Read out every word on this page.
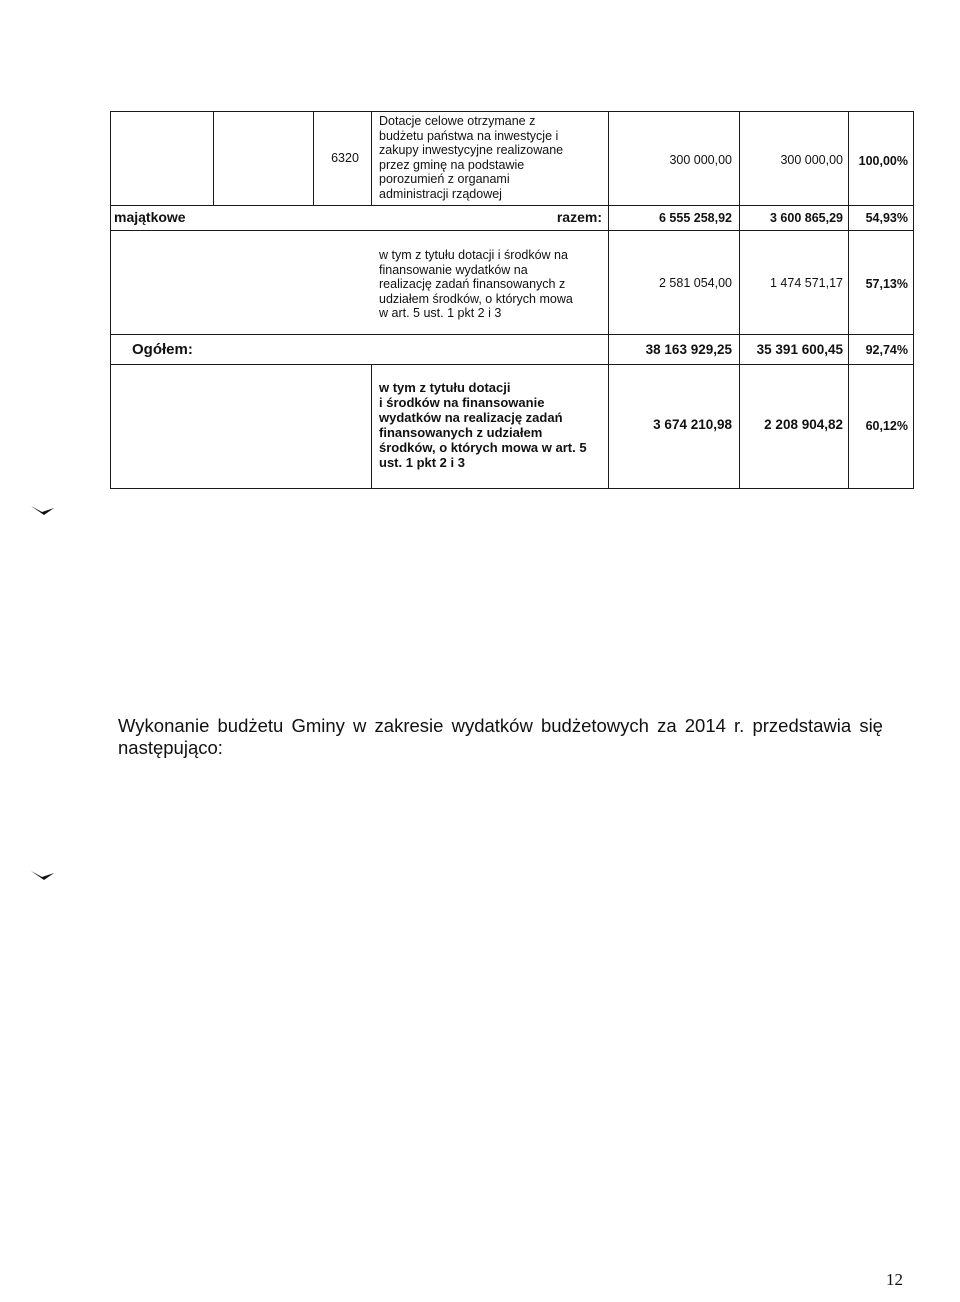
6320
Dotacje celowe otrzymane z
budżetu państwa na inwestycje i
zakupy inwestycyjne realizowane
przez gminę na podstawie
porozumień z organami
administracji rządowej
300 000,00	300 000,00	100,00%
majątkowe	razem:	6 555 258,92	3 600 865,29	54,93%
w tym z tytułu dotacji i środków na
finansowanie wydatków na
realizację zadań finansowanych z
udziałem środków, o których mowa
w art. 5 ust. 1 pkt 2 i 3
2 581 054,00	1 474 571,17	57,13%
Ogółem:	38 163 929,25	35 391 600,45	92,74%
w tym z tytułu dotacji
i środków na finansowanie
wydatków na realizację zadań
finansowanych z udziałem
środków, o których mowa w art. 5
ust. 1 pkt 2 i 3
3 674 210,98	2 208 904,82	60,12%
Wykonanie budżetu Gminy w zakresie wydatków budżetowych za 2014 r. przedstawia się
następująco:
12
